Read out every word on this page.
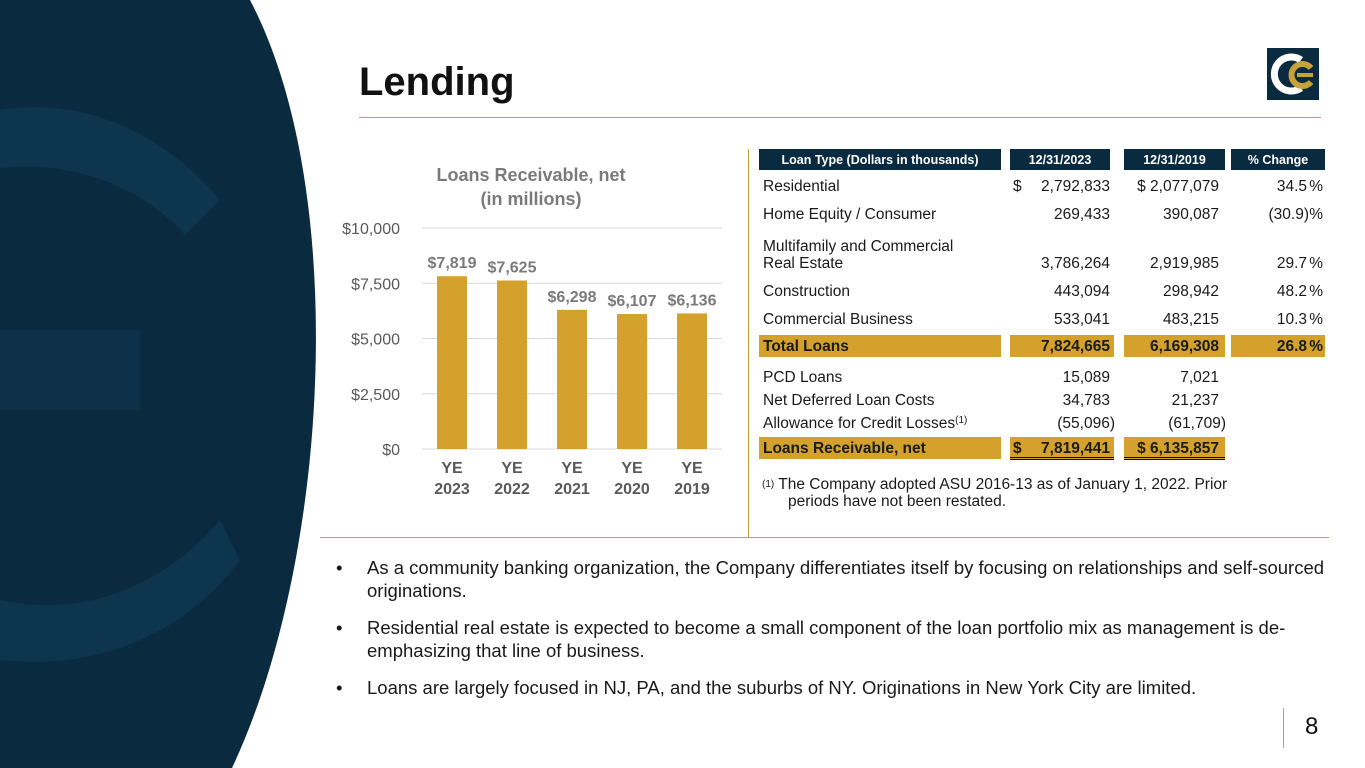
Lending
Loans Receivable, net
(in millions)
$0
$2,500
$5,000
$7,500
$10,000
YE
2023
YE
2022
YE
2021
YE
2020
YE
2019
$7,819 $7,625
$6,298 $6,107 $6,136
Loan Type (Dollars in thousands)	12/31/2023	12/31/2019	% Change
Residential	$ 2,792,833 $ 2,077,079	34.5 %
Home Equity / Consumer	269,433	390,087	(30.9) %
Multifamily and Commercial
Real Estate	3,786,264	2,919,985	29.7 %
Construction	443,094	298,942	48.2 %
Commercial Business	533,041	483,215	10.3 %
Total Loans	7,824,665	6,169,308	26.8 %
PCD Loans	15,089	7,021
Net Deferred Loan Costs	34,783	21,237
Allowance for Credit Losses$^{(1)}$	(55,096)	(61,709)
Loans Receivable, net	$ 7,819,441 $ 6,135,857
$^{(1)}$ The Company adopted ASU 2016-13 as of January 1, 2022. Prior
periods have not been restated.
• As a community banking organization, the Company differentiates itself by focusing on relationships and self-sourced originations.
• Residential real estate is expected to become a small component of the loan portfolio mix as management is de-emphasizing that line of business.
• Loans are largely focused in NJ, PA, and the suburbs of NY. Originations in New York City are limited.
8
